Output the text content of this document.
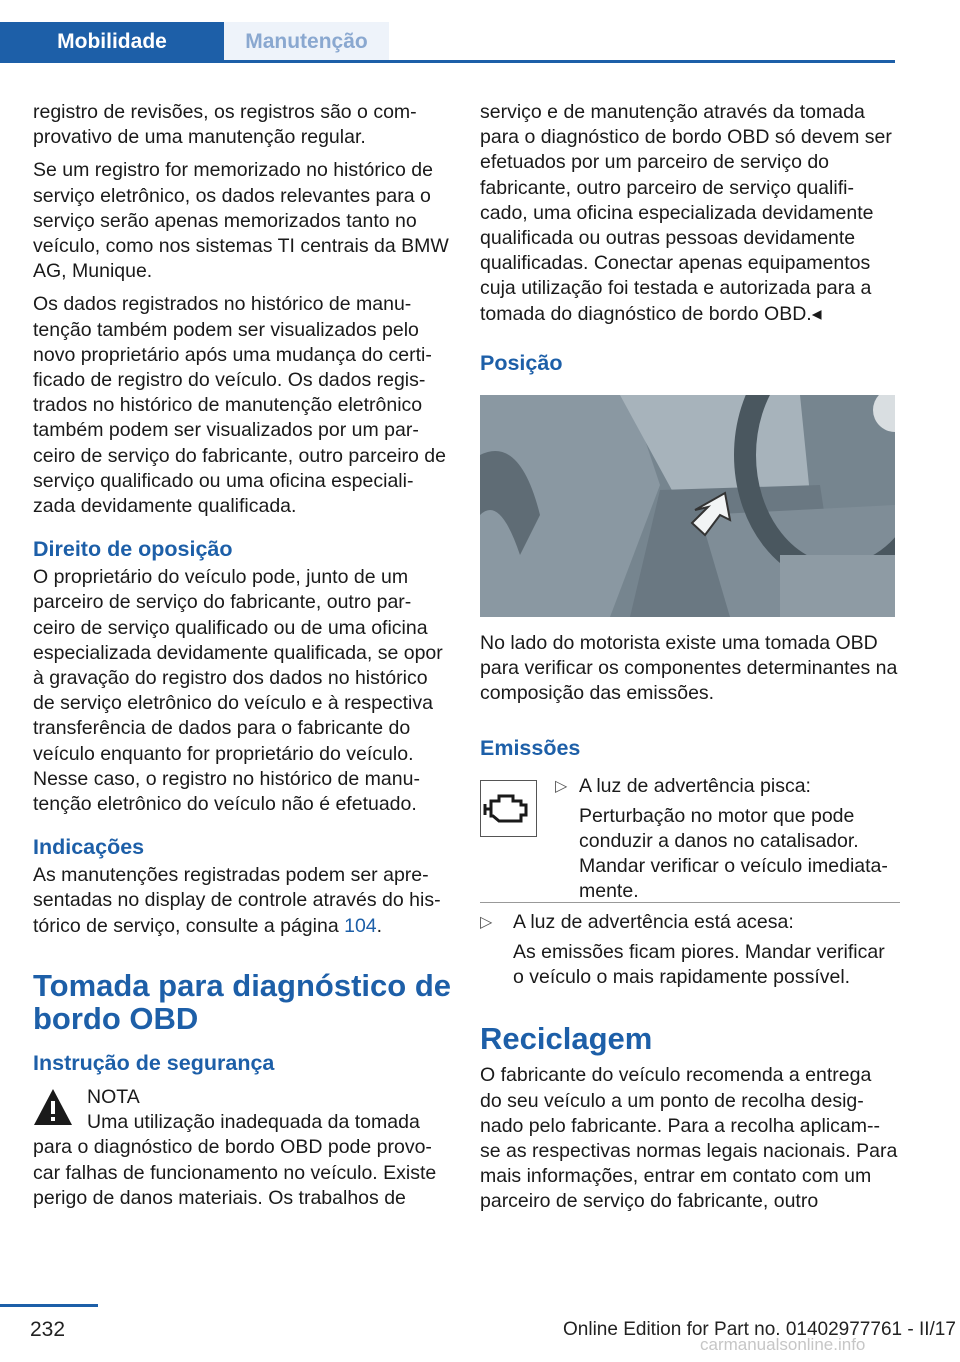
Mobilidade	Manutenção

registro de revisões, os registros são o com‐provativo de uma manutenção regular.

Se um registro for memorizado no histórico de serviço eletrônico, os dados relevantes para o serviço serão apenas memorizados tanto no veículo, como nos sistemas TI centrais da BMW AG, Munique.

Os dados registrados no histórico de manu‐tenção também podem ser visualizados pelo novo proprietário após uma mudança do certi‐ficado de registro do veículo. Os dados regis‐trados no histórico de manutenção eletrônico também podem ser visualizados por um par‐ceiro de serviço do fabricante, outro parceiro de serviço qualificado ou uma oficina especiali‐zada devidamente qualificada.

Direito de oposição

O proprietário do veículo pode, junto de um parceiro de serviço do fabricante, outro par‐ceiro de serviço qualificado ou de uma oficina especializada devidamente qualificada, se opor à gravação do registro dos dados no histórico de serviço eletrônico do veículo e à respectiva transferência de dados para o fabricante do veículo enquanto for proprietário do veículo. Nesse caso, o registro no histórico de manu‐tenção eletrônico do veículo não é efetuado.

Indicações

As manutenções registradas podem ser apre‐sentadas no display de controle através do his‐tórico de serviço, consulte a página 104.

Tomada para diagnóstico de bordo OBD
Instrução de segurança

NOTA

Uma utilização inadequada da tomada para o diagnóstico de bordo OBD pode provo‐car falhas de funcionamento no veículo. Existe perigo de danos materiais. Os trabalhos de

serviço e de manutenção através da tomada para o diagnóstico de bordo OBD só devem ser efetuados por um parceiro de serviço do fabricante, outro parceiro de serviço qualifi‐cado, uma oficina especializada devidamente qualificada ou outras pessoas devidamente qualificadas. Conectar apenas equipamentos cuja utilização foi testada e autorizada para a tomada do diagnóstico de bordo OBD.◂

Posição

No lado do motorista existe uma tomada OBD para verificar os componentes determinantes na composição das emissões.

Emissões
▷ A luz de advertência pisca:

Perturbação no motor que pode conduzir a danos no catalisador. Mandar verificar o veículo imediata‐mente.

▷ A luz de advertência está acesa:

As emissões ficam piores. Mandar verificar o veículo o mais rapidamente possível.

Reciclagem

O fabricante do veículo recomenda a entrega do seu veículo a um ponto de recolha desig‐nado pelo fabricante. Para a recolha aplicam‐-se as respectivas normas legais nacionais. Para mais informações, entrar em contato com um parceiro de serviço do fabricante, outro

232	Online Edition for Part no. 01402977761 - II/17
carmanualsonline.info
